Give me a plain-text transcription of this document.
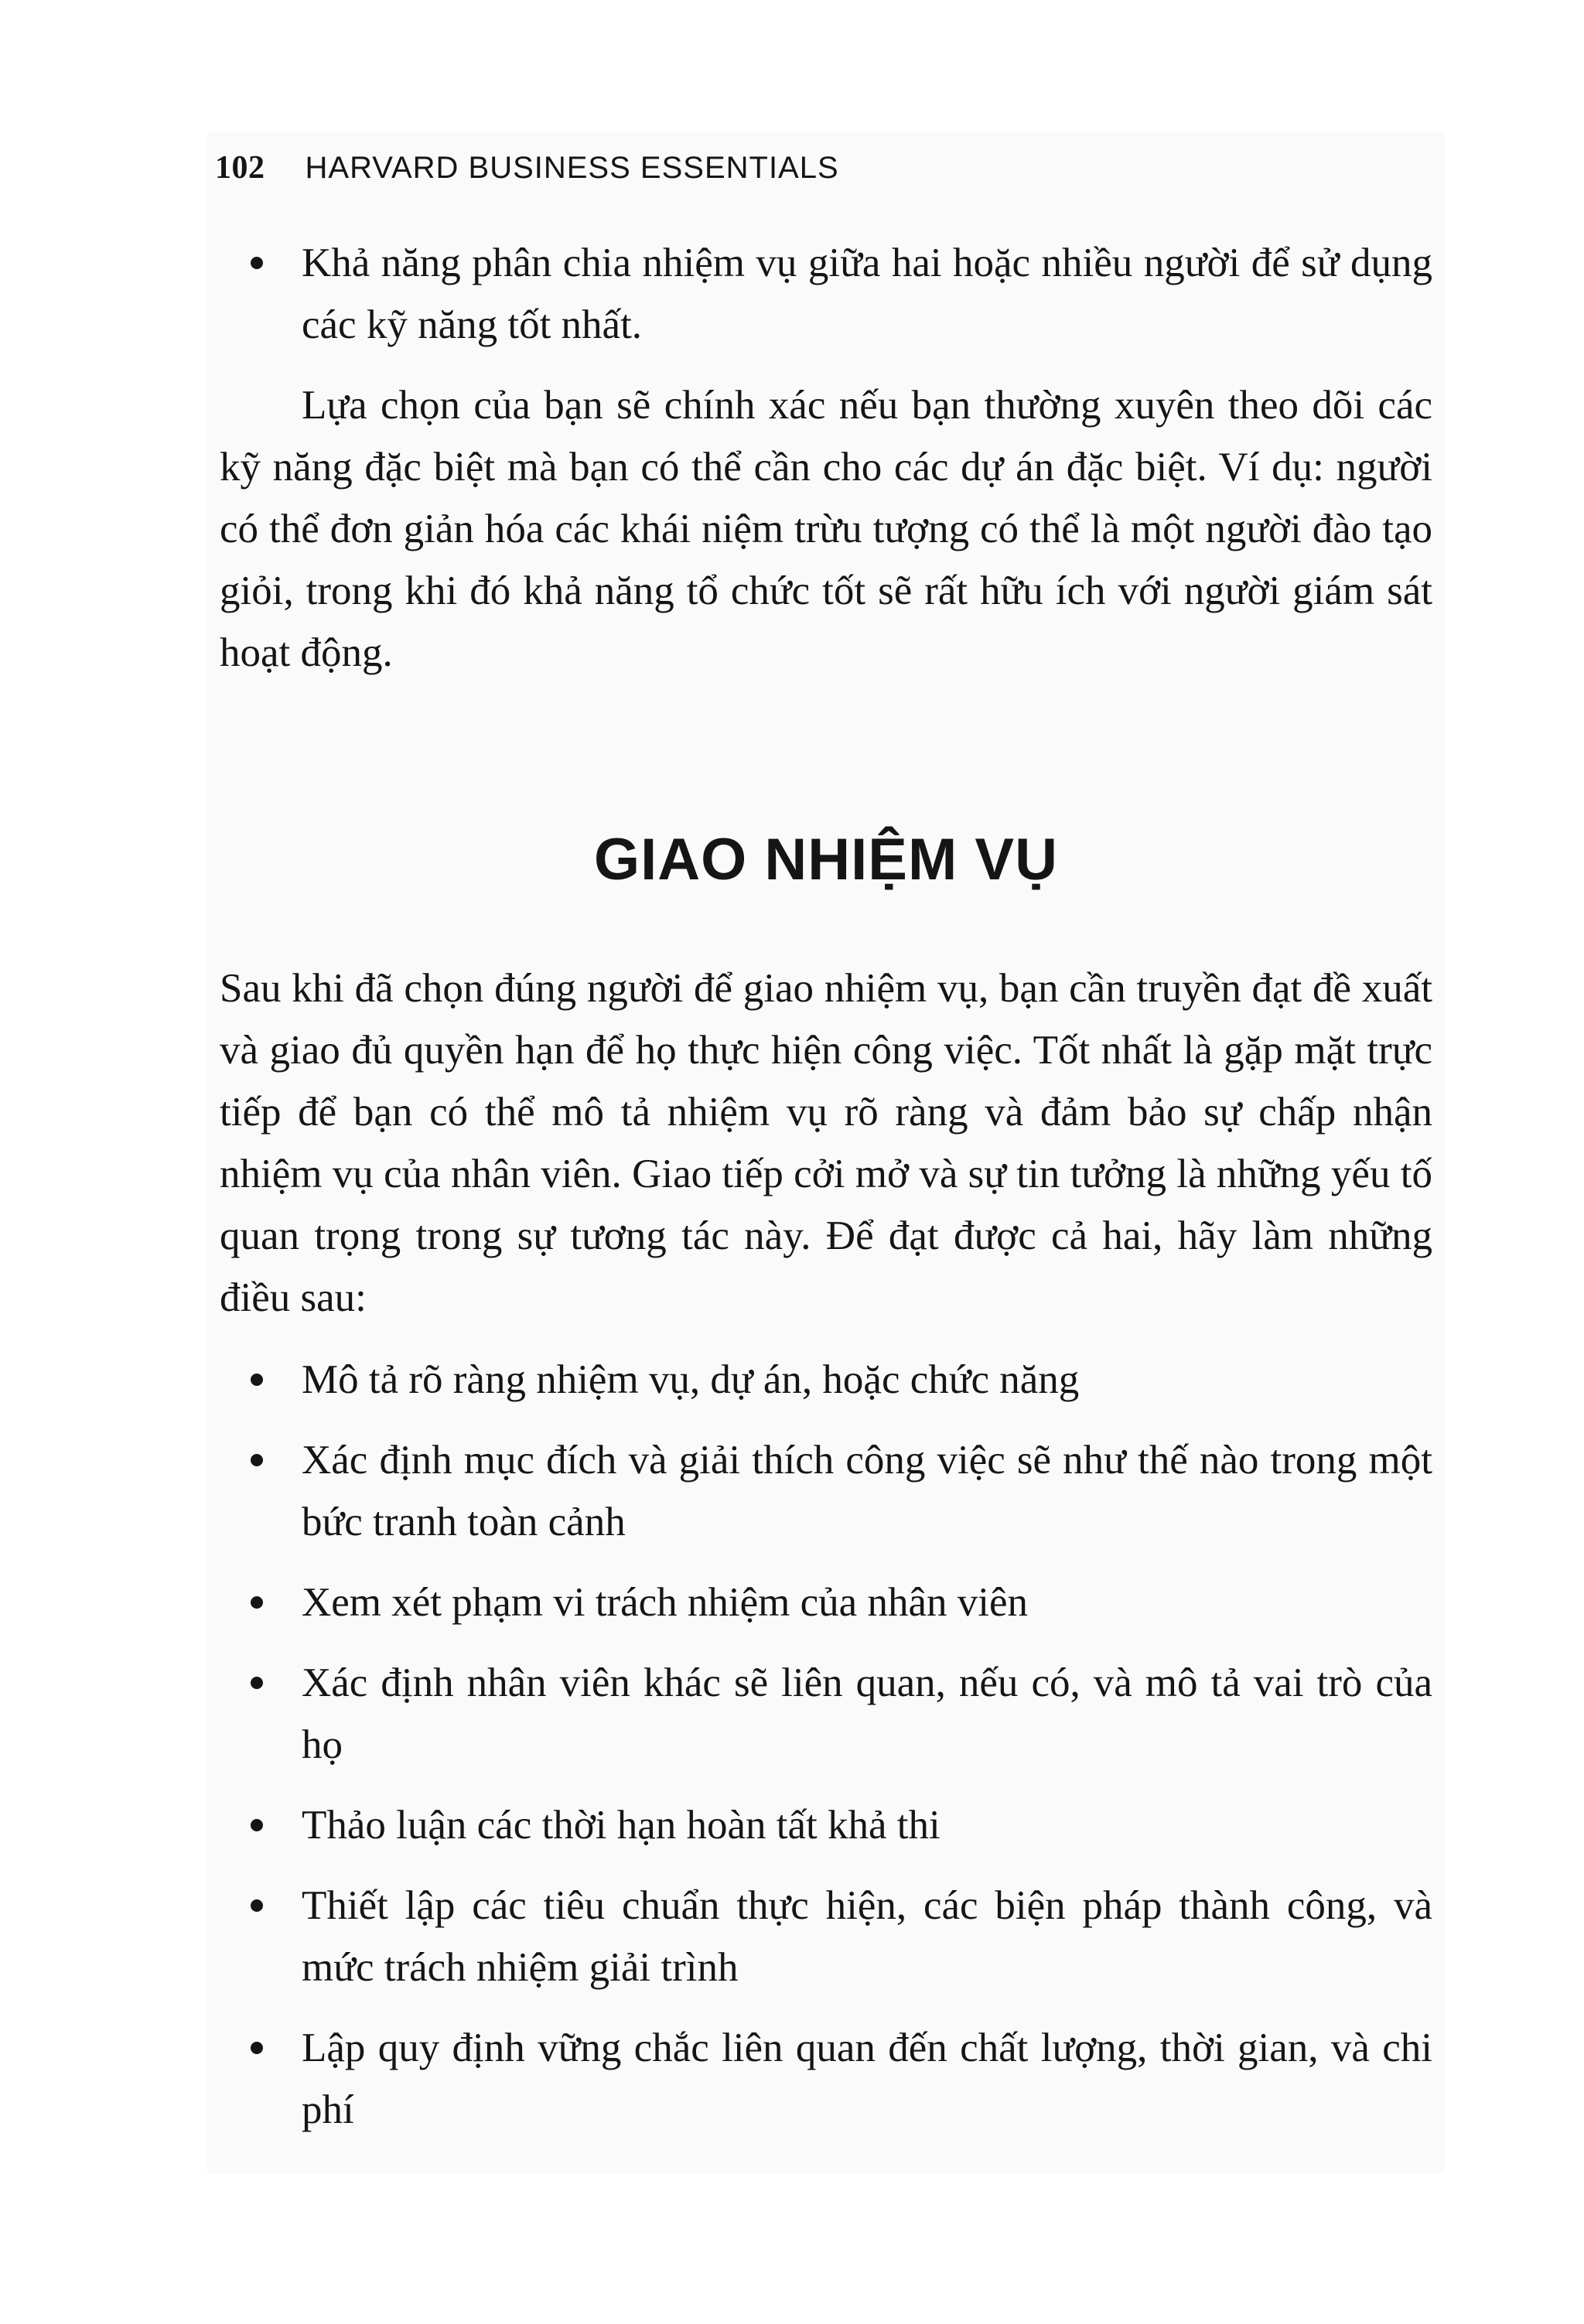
102 HARVARD BUSINESS ESSENTIALS
Khả năng phân chia nhiệm vụ giữa hai hoặc nhiều người để sử dụng các kỹ năng tốt nhất.

Lựa chọn của bạn sẽ chính xác nếu bạn thường xuyên theo dõi các kỹ năng đặc biệt mà bạn có thể cần cho các dự án đặc biệt. Ví dụ: người có thể đơn giản hóa các khái niệm trừu tượng có thể là một người đào tạo giỏi, trong khi đó khả năng tổ chức tốt sẽ rất hữu ích với người giám sát hoạt động.

GIAO NHIỆM VỤ

Sau khi đã chọn đúng người để giao nhiệm vụ, bạn cần truyền đạt đề xuất và giao đủ quyền hạn để họ thực hiện công việc. Tốt nhất là gặp mặt trực tiếp để bạn có thể mô tả nhiệm vụ rõ ràng và đảm bảo sự chấp nhận nhiệm vụ của nhân viên. Giao tiếp cởi mở và sự tin tưởng là những yếu tố quan trọng trong sự tương tác này. Để đạt được cả hai, hãy làm những điều sau:

Mô tả rõ ràng nhiệm vụ, dự án, hoặc chức năng
Xác định mục đích và giải thích công việc sẽ như thế nào trong một bức tranh toàn cảnh
Xem xét phạm vi trách nhiệm của nhân viên
Xác định nhân viên khác sẽ liên quan, nếu có, và mô tả vai trò của họ
Thảo luận các thời hạn hoàn tất khả thi
Thiết lập các tiêu chuẩn thực hiện, các biện pháp thành công, và mức trách nhiệm giải trình
Lập quy định vững chắc liên quan đến chất lượng, thời gian, và chi phí
